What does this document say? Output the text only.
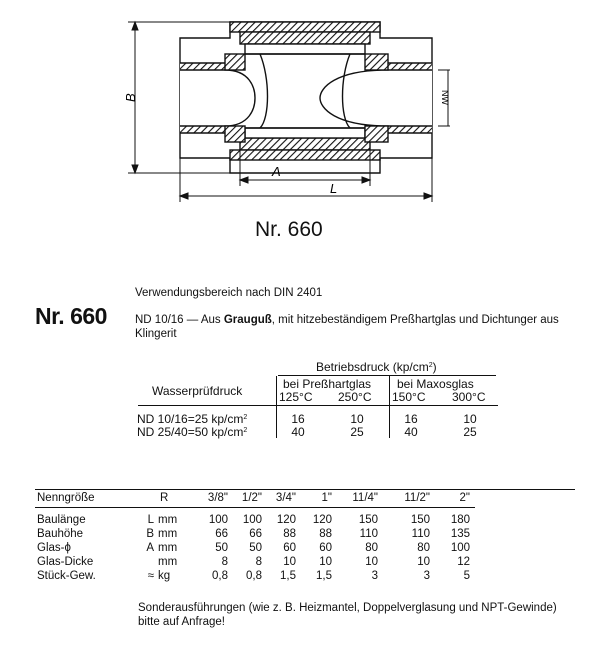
B	NW
A
L
Nr. 660
Verwendungsbereich nach DIN 2401
Nr. 660 ND 10/16 — Aus Grauguß, mit hitzebeständigem Preßhartglas und Dichtunger aus Klingerit
Betriebsdruck $(kp/cm^2)$
Wasserprüfdruck	bei Preßhartglas bei Maxosglas
125°C 250°C 150°C 300°C
ND 10/16=25 $kp/cm^2$	16	10	16	10
ND 25/40=50 $kp/cm^2$	40	25	40	25
Nenngröße	R	3/8"	1/2"	3/4"	1"	11/4"	11/2"	2"
Baulänge	L mm	100	100	120	120	150	150	180
Bauhöhe	B mm	66	66	88	88	110	110	135
Glas-ϕ	A mm	50	50	60	60	80	80	100
Glas-Dicke	mm	8	8	10	10	10	10	12
Stück-Gew.	≈ kg	0,8	0,8	1,5	1,5	3	3	5
Sonderausführungen (wie z. B. Heizmantel, Doppelverglasung und NPT-Gewinde)
bitte auf Anfrage!
